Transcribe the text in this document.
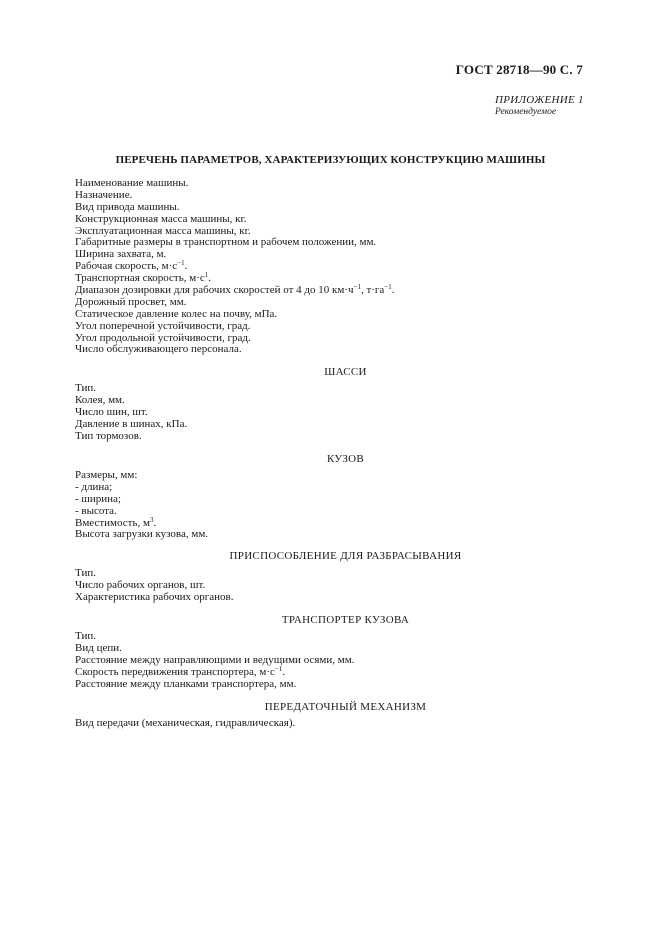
ГОСТ 28718—90 С. 7
ПРИЛОЖЕНИЕ 1
Рекомендуемое
ПЕРЕЧЕНЬ ПАРАМЕТРОВ, ХАРАКТЕРИЗУЮЩИХ КОНСТРУКЦИЮ МАШИНЫ
Наименование машины.
Назначение.
Вид привода машины.
Конструкционная масса машины, кг.
Эксплуатационная масса машины, кг.
Габаритные размеры в транспортном и рабочем положении, мм.
Ширина захвата, м.
Рабочая скорость, $м\cdot с^{-1}$.
Транспортная скорость, $м\cdot с^1$.
Диапазон дозировки для рабочих скоростей от 4 до 10 $км\cdot ч^{-1}$, $т\cdot га^{-1}$.
Дорожный просвет, мм.
Статическое давление колес на почву, мПа.
Угол поперечной устойчивости, град.
Угол продольной устойчивости, град.
Число обслуживающего персонала.
ШАССИ
Тип.
Колея, мм.
Число шин, шт.
Давление в шинах, кПа.
Тип тормозов.
КУЗОВ
Размеры, мм:
- длина;
- ширина;
- высота.
Вместимость, $м^3$.
Высота загрузки кузова, мм.
ПРИСПОСОБЛЕНИЕ ДЛЯ РАЗБРАСЫВАНИЯ
Тип.
Число рабочих органов, шт.
Характеристика рабочих органов.
ТРАНСПОРТЕР КУЗОВА
Тип.
Вид цепи.
Расстояние между направляющими и ведущими осями, мм.
Скорость передвижения транспортера, $м\cdot с^{-1}$.
Расстояние между планками транспортера, мм.
ПЕРЕДАТОЧНЫЙ МЕХАНИЗМ
Вид передачи (механическая, гидравлическая).
